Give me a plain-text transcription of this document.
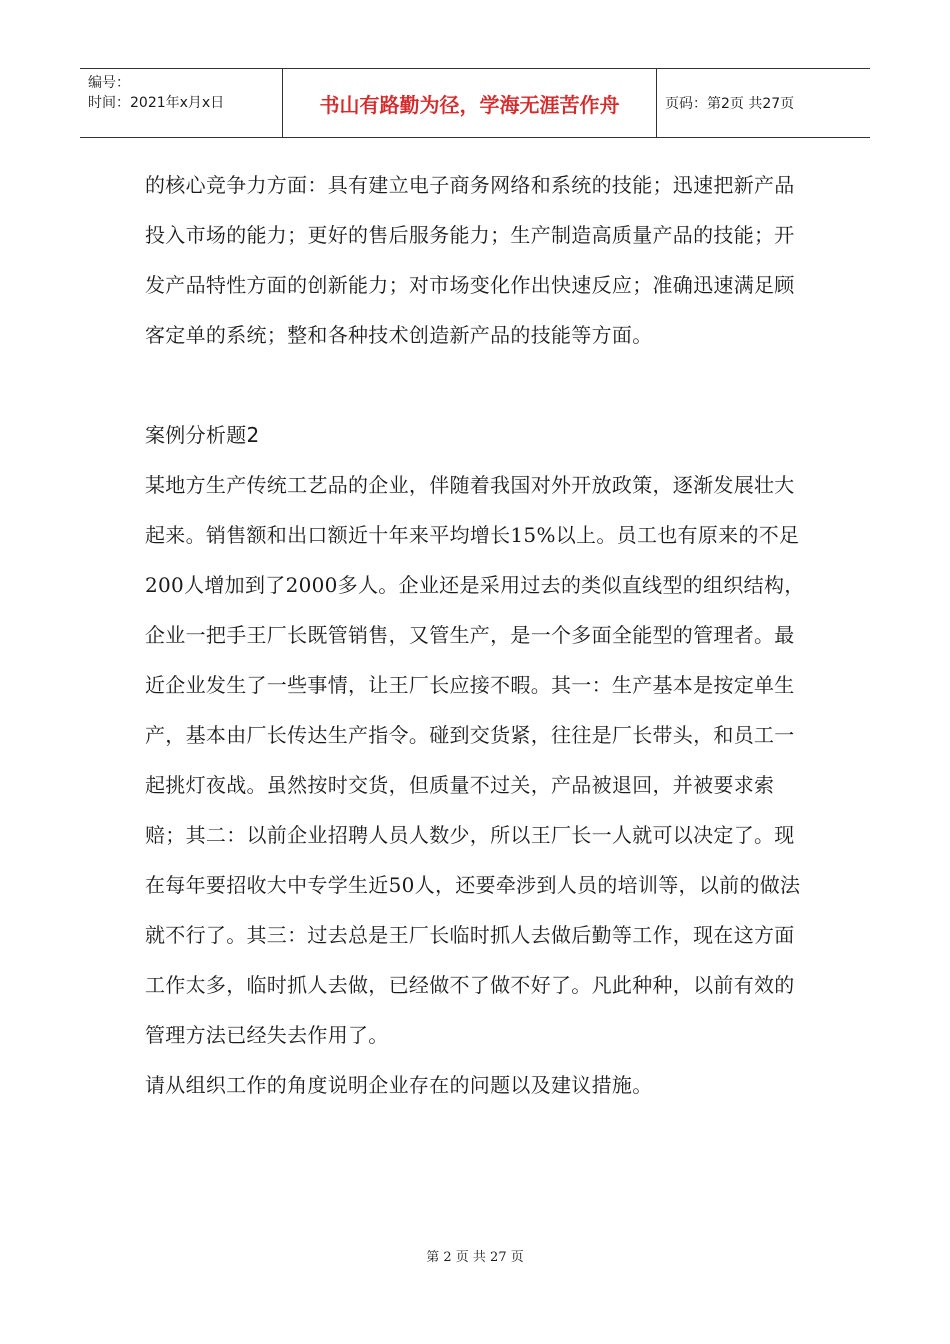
编号：
时间：2021年x月x日	书山有路勤为径，学海无涯苦作舟	页码：第2页 共27页

的核心竞争力方面：具有建立电子商务网络和系统的技能；迅速把新产品投入市场的能力；更好的售后服务能力；生产制造高质量产品的技能；开发产品特性方面的创新能力；对市场变化作出快速反应；准确迅速满足顾客定单的系统；整和各种技术创造新产品的技能等方面。

案例分析题2

某地方生产传统工艺品的企业，伴随着我国对外开放政策，逐渐发展壮大起来。销售额和出口额近十年来平均增长15%以上。员工也有原来的不足200人增加到了2000多人。企业还是采用过去的类似直线型的组织结构，企业一把手王厂长既管销售，又管生产，是一个多面全能型的管理者。最近企业发生了一些事情，让王厂长应接不暇。其一：生产基本是按定单生产，基本由厂长传达生产指令。碰到交货紧，往往是厂长带头，和员工一起挑灯夜战。虽然按时交货，但质量不过关，产品被退回，并被要求索赔；其二：以前企业招聘人员人数少，所以王厂长一人就可以决定了。现在每年要招收大中专学生近50人，还要牵涉到人员的培训等，以前的做法就不行了。其三：过去总是王厂长临时抓人去做后勤等工作，现在这方面工作太多，临时抓人去做，已经做不了做不好了。凡此种种，以前有效的管理方法已经失去作用了。

请从组织工作的角度说明企业存在的问题以及建议措施。

第 2 页 共 27 页
